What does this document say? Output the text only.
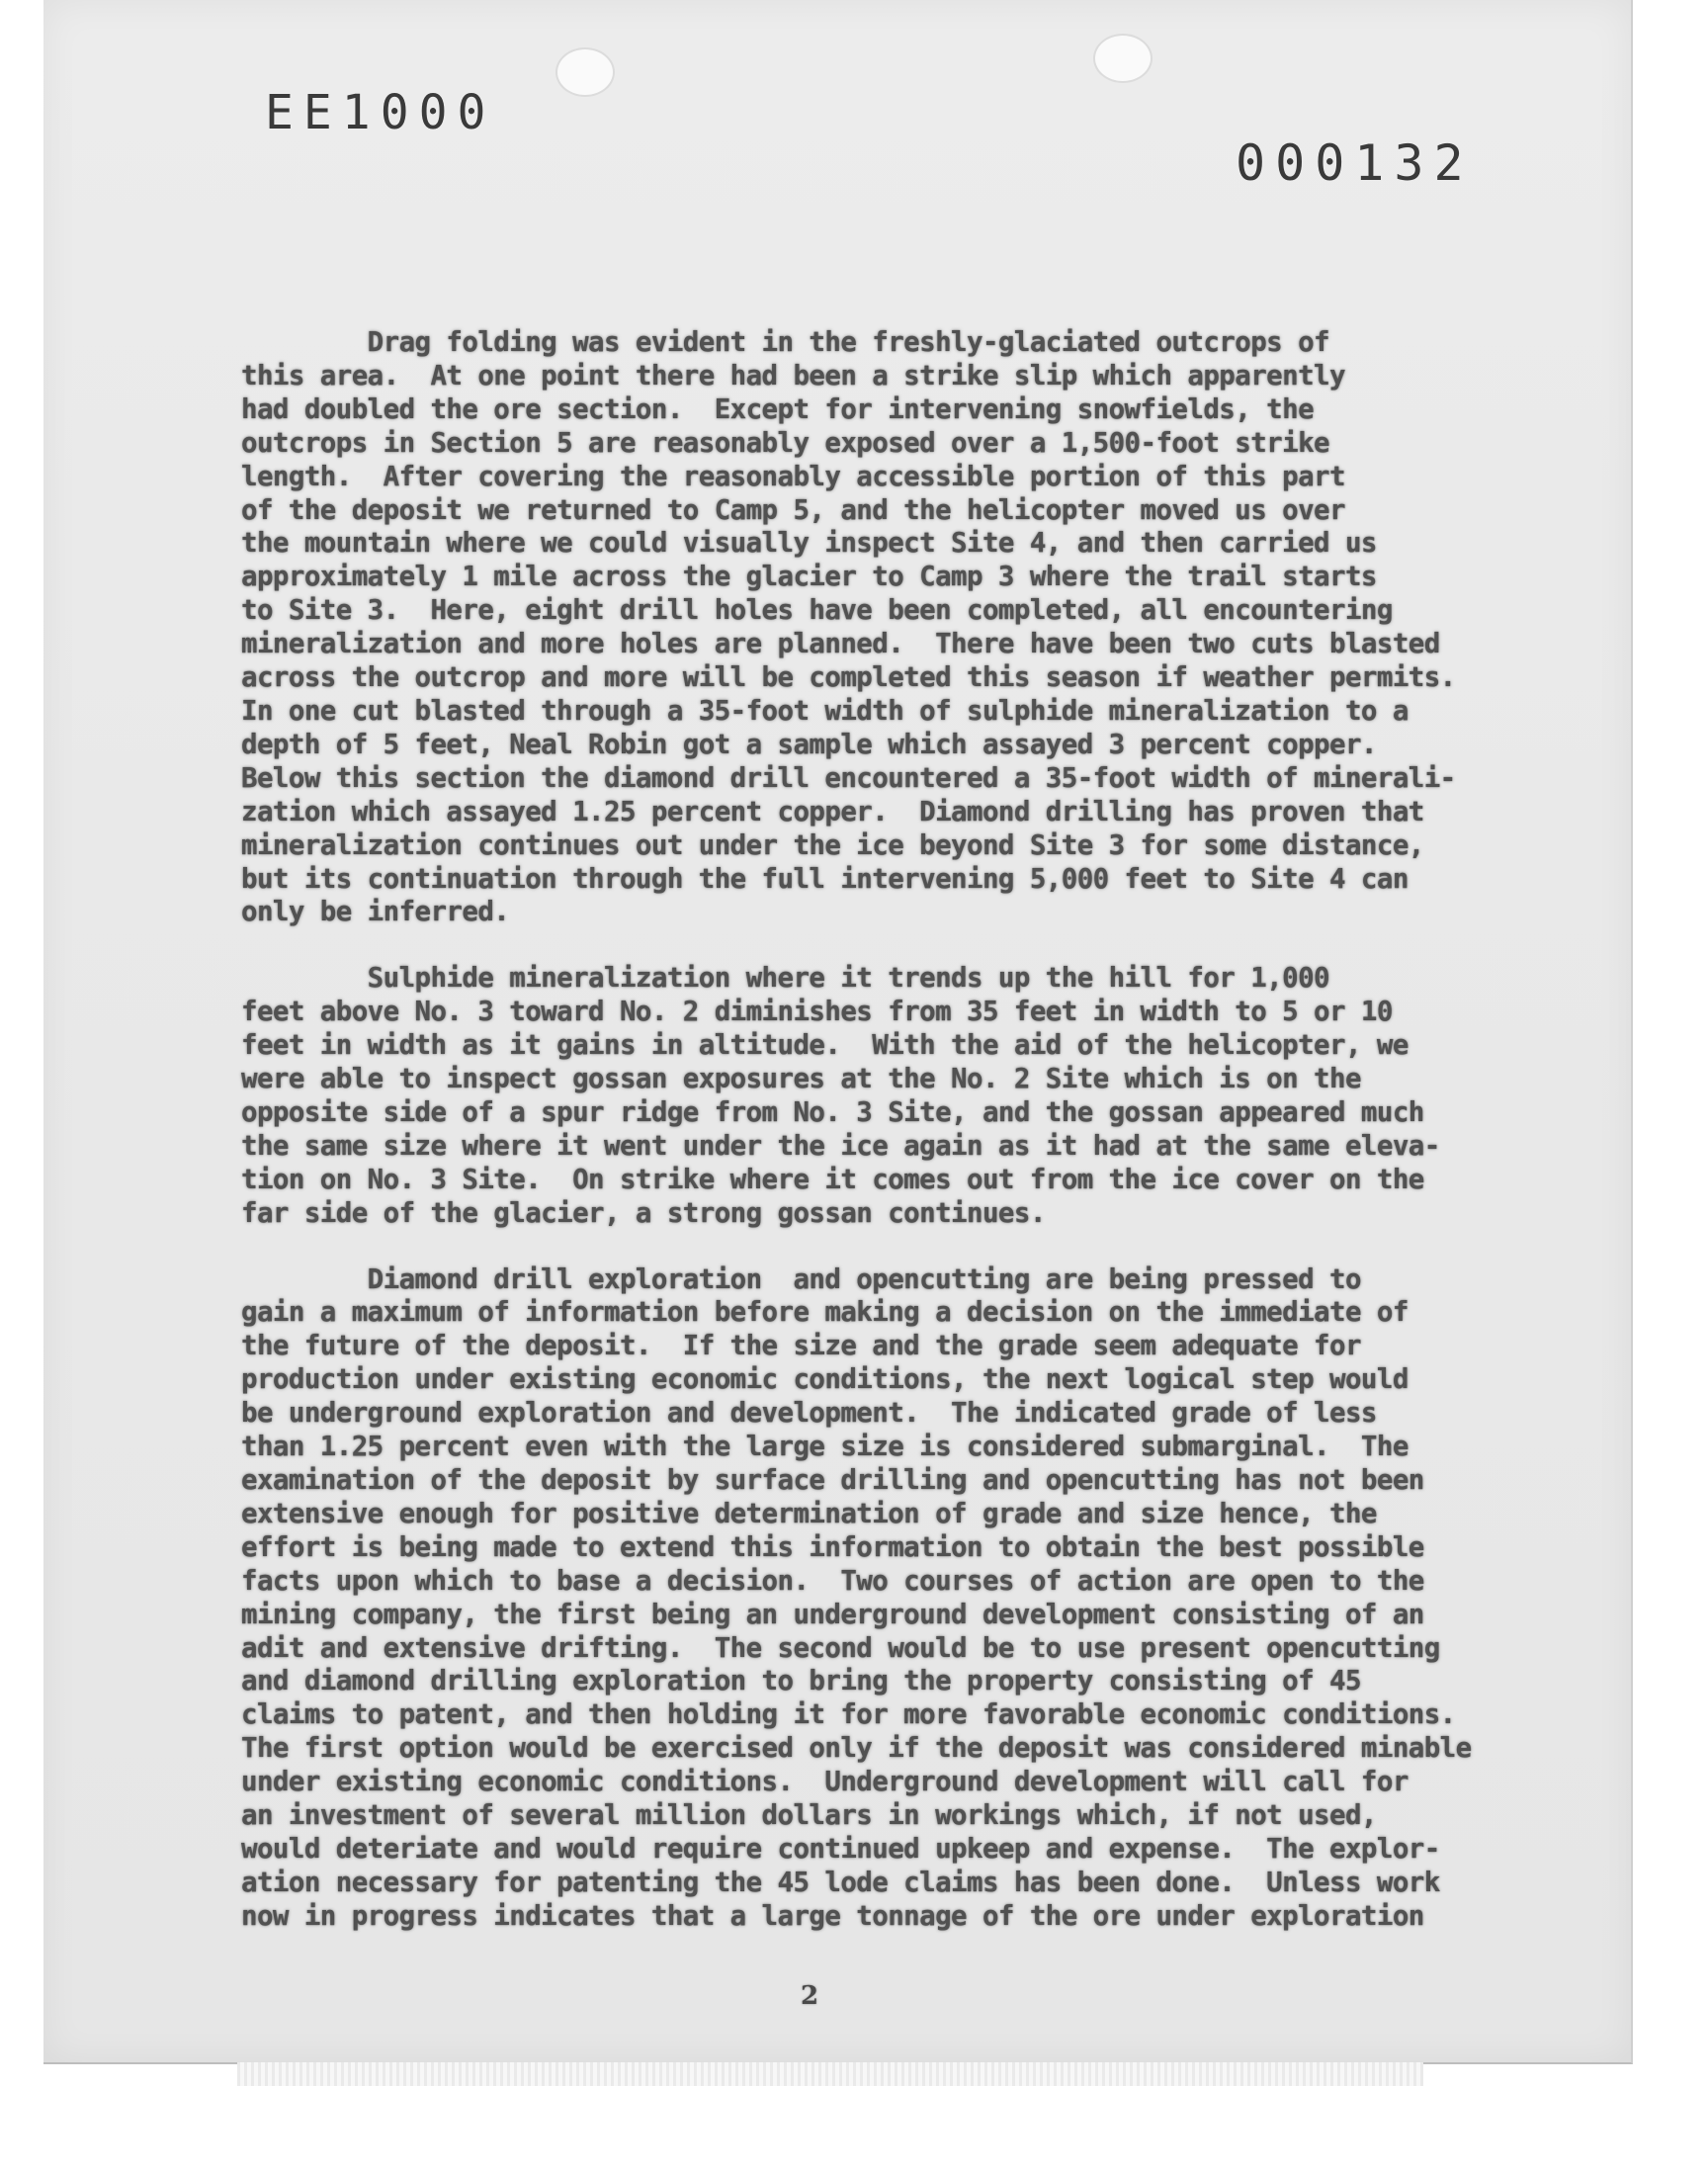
EE1000
000132
Drag folding was evident in the freshly-glaciated outcrops of
this area.  At one point there had been a strike slip which apparently
had doubled the ore section.  Except for intervening snowfields, the
outcrops in Section 5 are reasonably exposed over a 1,500-foot strike
length.  After covering the reasonably accessible portion of this part
of the deposit we returned to Camp 5, and the helicopter moved us over
the mountain where we could visually inspect Site 4, and then carried us
approximately 1 mile across the glacier to Camp 3 where the trail starts
to Site 3.  Here, eight drill holes have been completed, all encountering
mineralization and more holes are planned.  There have been two cuts blasted
across the outcrop and more will be completed this season if weather permits.
In one cut blasted through a 35-foot width of sulphide mineralization to a
depth of 5 feet, Neal Robin got a sample which assayed 3 percent copper.
Below this section the diamond drill encountered a 35-foot width of minerali-
zation which assayed 1.25 percent copper.  Diamond drilling has proven that
mineralization continues out under the ice beyond Site 3 for some distance,
but its continuation through the full intervening 5,000 feet to Site 4 can
only be inferred.
Sulphide mineralization where it trends up the hill for 1,000
feet above No. 3 toward No. 2 diminishes from 35 feet in width to 5 or 10
feet in width as it gains in altitude.  With the aid of the helicopter, we
were able to inspect gossan exposures at the No. 2 Site which is on the
opposite side of a spur ridge from No. 3 Site, and the gossan appeared much
the same size where it went under the ice again as it had at the same eleva-
tion on No. 3 Site.  On strike where it comes out from the ice cover on the
far side of the glacier, a strong gossan continues.
Diamond drill exploration  and opencutting are being pressed to
gain a maximum of information before making a decision on the immediate of
the future of the deposit.  If the size and the grade seem adequate for
production under existing economic conditions, the next logical step would
be underground exploration and development.  The indicated grade of less
than 1.25 percent even with the large size is considered submarginal.  The
examination of the deposit by surface drilling and opencutting has not been
extensive enough for positive determination of grade and size hence, the
effort is being made to extend this information to obtain the best possible
facts upon which to base a decision.  Two courses of action are open to the
mining company, the first being an underground development consisting of an
adit and extensive drifting.  The second would be to use present opencutting
and diamond drilling exploration to bring the property consisting of 45
claims to patent, and then holding it for more favorable economic conditions.
The first option would be exercised only if the deposit was considered minable
under existing economic conditions.  Underground development will call for
an investment of several million dollars in workings which, if not used,
would deteriate and would require continued upkeep and expense.  The explor-
ation necessary for patenting the 45 lode claims has been done.  Unless work
now in progress indicates that a large tonnage of the ore under exploration
2
